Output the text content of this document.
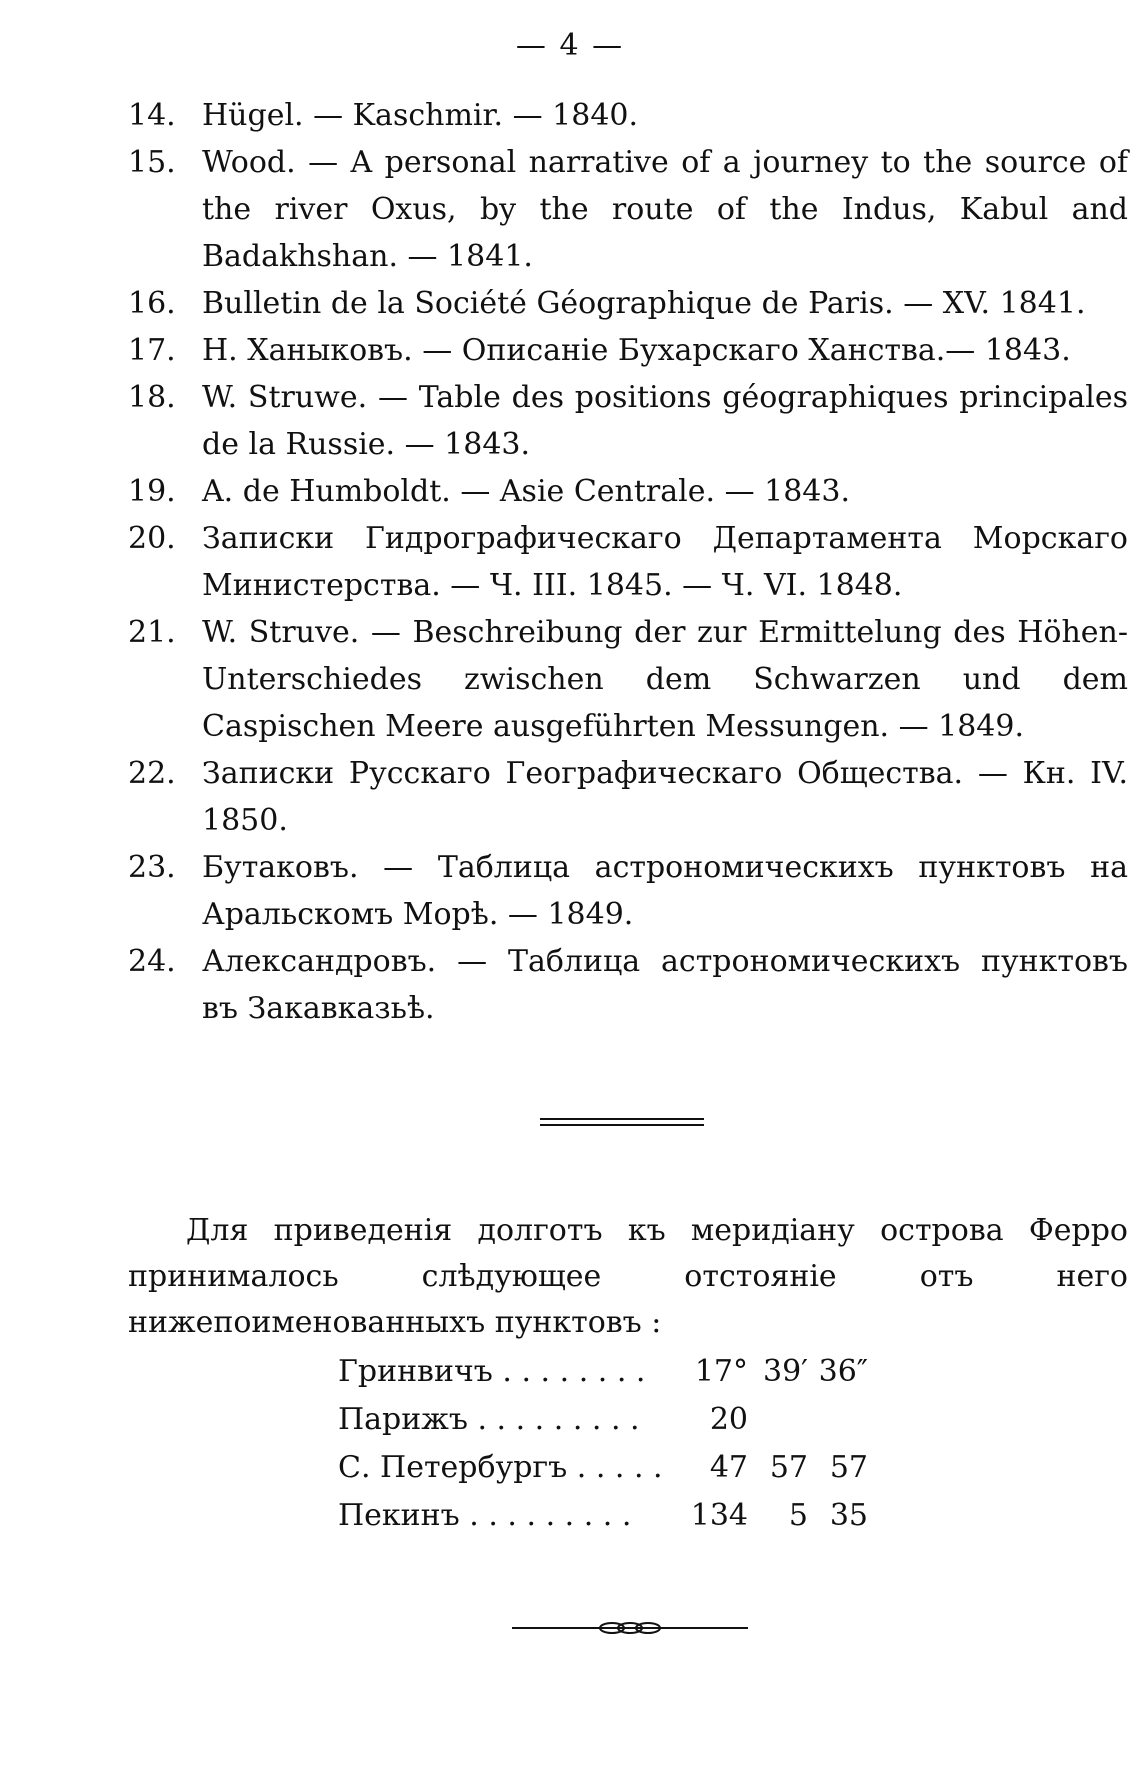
— 4 —
14. Hügel. — Kaschmir. — 1840.
15. Wood. — A personal narrative of a journey to the source of the river Oxus, by the route of the Indus, Kabul and Badakhshan. — 1841.
16. Bulletin de la Société Géographique de Paris. — XV. 1841.
17. Н. Ханыковъ. — Описаніе Бухарскаго Ханства.— 1843.
18. W. Struwe. — Table des positions géographiques principales de la Russie. — 1843.
19. A. de Humboldt. — Asie Centrale. — 1843.
20. Записки Гидрографическаго Департамента Морскаго Министерства. — Ч. III. 1845. — Ч. VI. 1848.
21. W. Struve. — Beschreibung der zur Ermittelung des Höhen-Unterschiedes zwischen dem Schwarzen und dem Caspischen Meere ausgeführten Messungen. — 1849.
22. Записки Русскаго Географическаго Общества. — Кн. IV. 1850.
23. Бутаковъ. — Таблица астрономическихъ пунктовъ на Аральскомъ Морѣ. — 1849.
24. Александровъ. — Таблица астрономическихъ пунктовъ въ Закавказьѣ.

Для приведенія долготъ къ меридіану острова Ферро принималось слѣдующее отстояніе отъ него нижепоименованныхъ пунктовъ :

Гринвичъ . . . . . . . .	17° 39′ 36″
Парижъ . . . . . . . . .	20
С. Петербургъ . . . . .	47 57 57
Пекинъ . . . . . . . . .	134	5 35
